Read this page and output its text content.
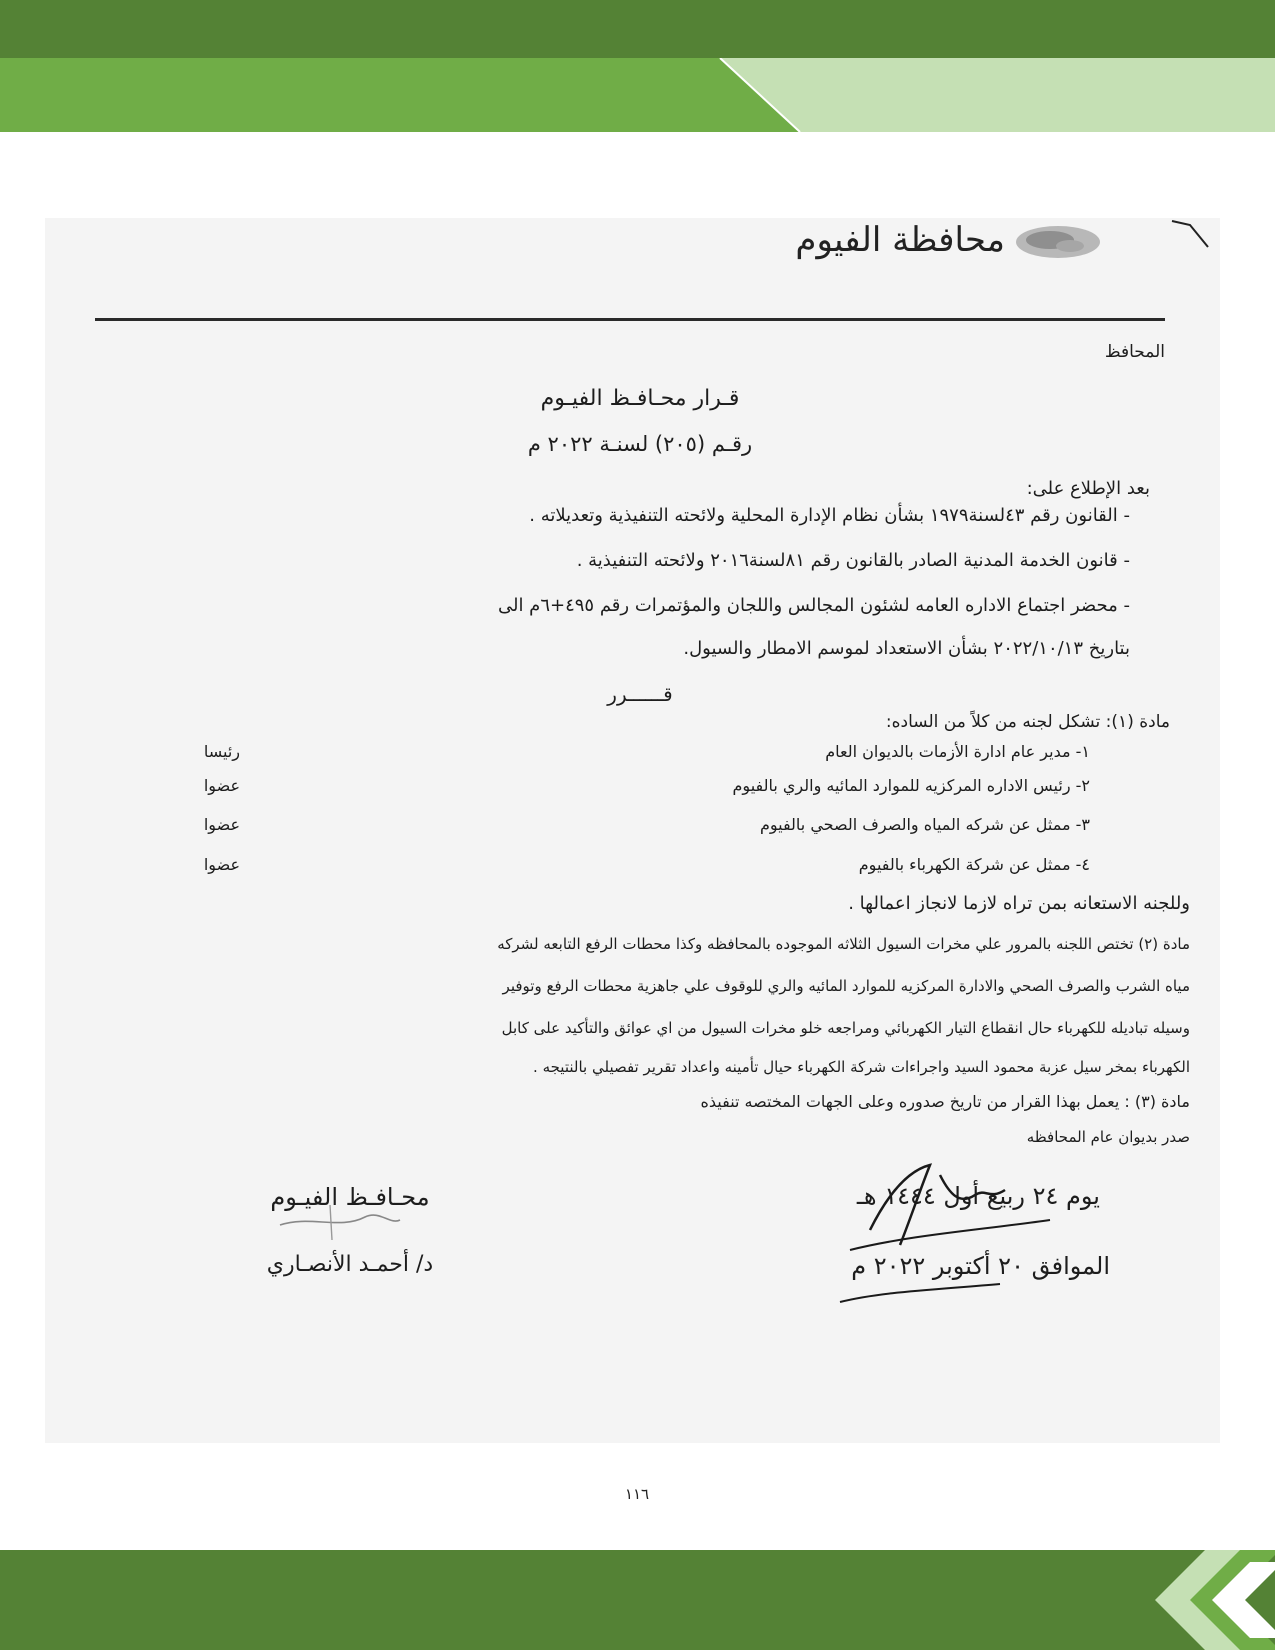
محافظة الفيوم
المحافظ
قـرار محـافـظ الفيـوم
رقـم (٢٠٥) لسنـة ٢٠٢٢ م
بعد الإطلاع على:
- القانون رقم ٤٣لسنة١٩٧٩ بشأن نظام الإدارة المحلية ولائحته التنفيذية وتعديلاته .
- قانون الخدمة المدنية الصادر بالقانون رقم ٨١لسنة٢٠١٦ ولائحته التنفيذية .
- محضر اجتماع الاداره العامه لشئون المجالس واللجان والمؤتمرات رقم ٤٩٥+٦م الى
بتاريخ ٢٠٢٢/١٠/١٣ بشأن الاستعداد لموسم الامطار والسيول.
قــــــرر
مادة (١): تشكل لجنه من كلاً من الساده:
١- مدير عام ادارة الأزمات بالديوان العام
رئيسا
٢- رئيس الاداره المركزيه للموارد المائيه والري بالفيوم
عضوا
٣- ممثل عن شركه المياه والصرف الصحي بالفيوم
عضوا
٤- ممثل عن شركة الكهرباء بالفيوم
عضوا
وللجنه الاستعانه بمن تراه لازما لانجاز اعمالها .
مادة (٢) تختص اللجنه بالمرور علي مخرات السيول الثلاثه الموجوده بالمحافظه وكذا محطات الرفع التابعه لشركه
مياه الشرب والصرف الصحي والادارة المركزيه للموارد المائيه والري للوقوف علي جاهزية محطات الرفع وتوفير
وسيله تباديله للكهرباء حال انقطاع التيار الكهربائي ومراجعه خلو مخرات السيول من اي عوائق والتأكيد على كابل
الكهرباء بمخر سيل عزبة محمود السيد واجراءات شركة الكهرباء حيال تأمينه واعداد تقرير تفصيلي بالنتيجه .
مادة (٣) : يعمل بهذا القرار من تاريخ صدوره وعلى الجهات المختصه تنفيذه
صدر بديوان عام المحافظه
يوم ٢٤ ربيع أول ١٤٤٤ هـ
الموافق ٢٠ أكتوبر ٢٠٢٢ م
محـافـظ الفيـوم
د/ أحمـد الأنصـاري
١١٦
